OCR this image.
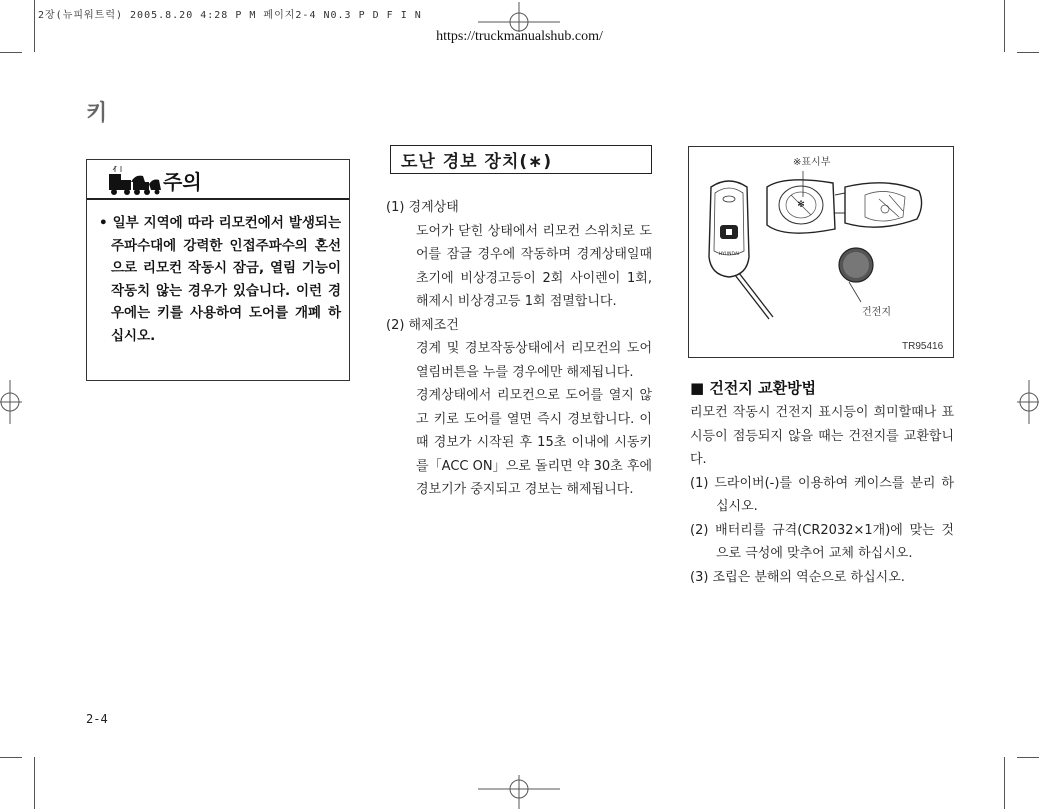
2장(뉴피워트럭) 2005.8.20 4:28 P M 페이지2-4 N0.3 P D F I N
https://truckmanualshub.com/
키
주의
• 일부 지역에 따라 리모컨에서 발생되는 주파수대에 강력한 인접주파수의 혼선으로 리모컨 작동시 잠금, 열림 기능이 작동치 않는 경우가 있습니다. 이런 경우에는 키를 사용하여 도어를 개폐 하십시오.
도난 경보 장치(∗)
(1) 경계상태
도어가 닫힌 상태에서 리모컨 스위치로 도어를 잠글 경우에 작동하며 경계상태일때 초기에 비상경고등이 2회 사이렌이 1회, 해제시 비상경고등 1회 점멸합니다.
(2) 해제조건
경계 및 경보작동상태에서 리모컨의 도어 열림버튼을 누를 경우에만 해제됩니다.
경계상태에서 리모컨으로 도어를 열지 않고 키로 도어를 열면 즉시 경보합니다. 이때 경보가 시작된 후 15초 이내에 시동키를「ACC ON」으로 돌리면 약 30초 후에 경보기가 중지되고 경보는 해제됩니다.
HYUNDAI
✻
※표시부
건전지
TR95416
■ 건전지 교환방법
리모컨 작동시 건전지 표시등이 희미할때나 표시등이 점등되지 않을 때는 건전지를 교환합니다.
(1) 드라이버(-)를 이용하여 케이스를 분리 하십시오.
(2) 배터리를 규격(CR2032×1개)에 맞는 것으로 극성에 맞추어 교체 하십시오.
(3) 조립은 분해의 역순으로 하십시오.
2-4
